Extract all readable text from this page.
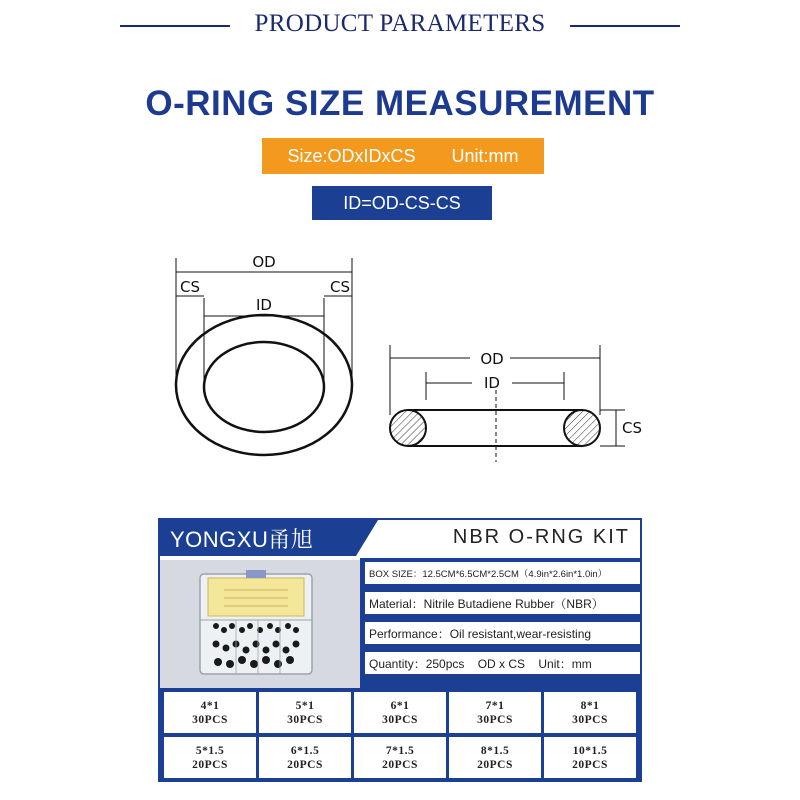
PRODUCT PARAMETERS
O-RING SIZE MEASUREMENT
Size:ODxIDxCS Unit:mm
ID=OD-CS-CS
OD
CS	CS
ID
OD
ID
CS
YONGXU甬旭	NBR O-RNG KIT
BOX SIZE：12.5CM*6.5CM*2.5CM（4.9in*2.6in*1.0in）
Material：Nitrile Butadiene Rubber（NBR）
Performance：Oil resistant,wear-resisting
Quantity：250pcs    OD x CS    Unit：mm
4*1
30PCS
5*1
30PCS
6*1
30PCS
7*1
30PCS
8*1
30PCS
5*1.5
20PCS
6*1.5
20PCS
7*1.5
20PCS
8*1.5
20PCS
10*1.5
20PCS
